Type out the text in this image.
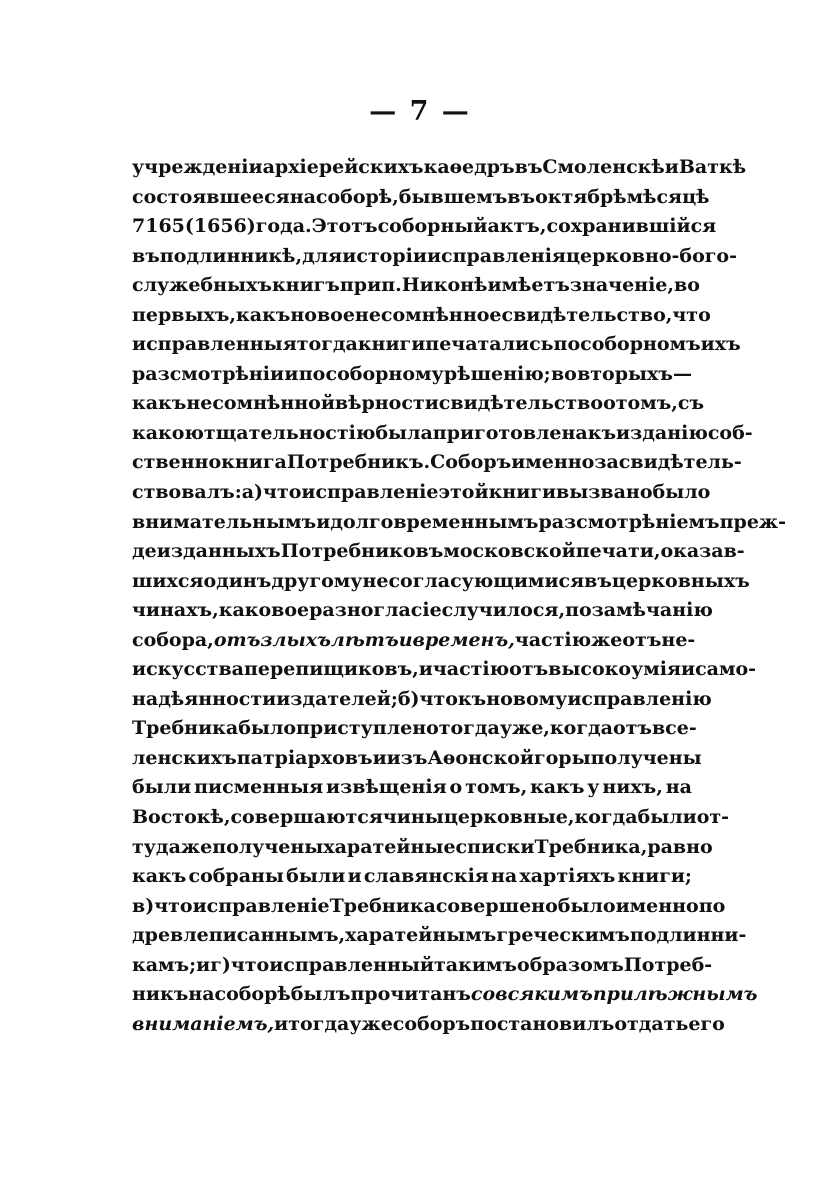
— 7 —
учрежденіи архіерейскихъ каѳедръ въ Смоленскѣ и Ваткѣ
состоявшееся на соборѣ, бывшемъ въ октябрѣ мѣсяцѣ
7165 (1656) года. Этотъ соборный актъ, сохранившійся
въ подлинникѣ, для исторіи исправленія церковно-бого-
служебныхъ книгъ при п. Никонѣ имѣетъ значеніе, во
первыхъ, какъ новое несомнѣнное свидѣтельство, что
исправленныя тогда книги печатались по соборномъ ихъ
разсмотрѣніи и по соборному рѣшенію; во вторыхъ—
какъ несомнѣнной вѣрности свидѣтельство о томъ, съ
какою тщательностію была приготовлена къ изданію соб-
ственно книга Потребникъ. Соборъ именно засвидѣтель-
ствовалъ: а) что исправленіе этой книги вызвано было
внимательнымъ и долговременнымъ разсмотрѣніемъ преж-
де изданныхъ Потребниковъ московской печати, оказав-
шихся одинъ другому несогласующимися въ церковныхъ
чинахъ, каковое разногласіе случилося, по замѣчанію
собора, отъ злыхъ лѣтъ и временъ, частію же отъ не-
искусства перепищиковъ, и частію отъ высокоумія и само-
надѣянности издателей; б) что къ новому исправленію
Требника было приступлено тогда уже, когда отъ все-
ленскихъ патріарховъ и изъ Аѳонской горы получены
были писменныя извѣщенія о томъ, какъ у нихъ, на
Востокѣ, совершаются чины церковные, когда были от-
туда же получены харатейные списки Требника, равно
какъ собраны были и славянскія на хартіяхъ книги;
в) что исправленіе Требника совершено было именно по
древлеписаннымъ, харатейнымъ греческимъ подлинни-
камъ; и г) что исправленный такимъ образомъ Потреб-
никъ на соборѣ былъ прочитанъ со всякимъ прилѣжнымъ
вниманіемъ, и тогда уже соборъ постановилъ отдать его
